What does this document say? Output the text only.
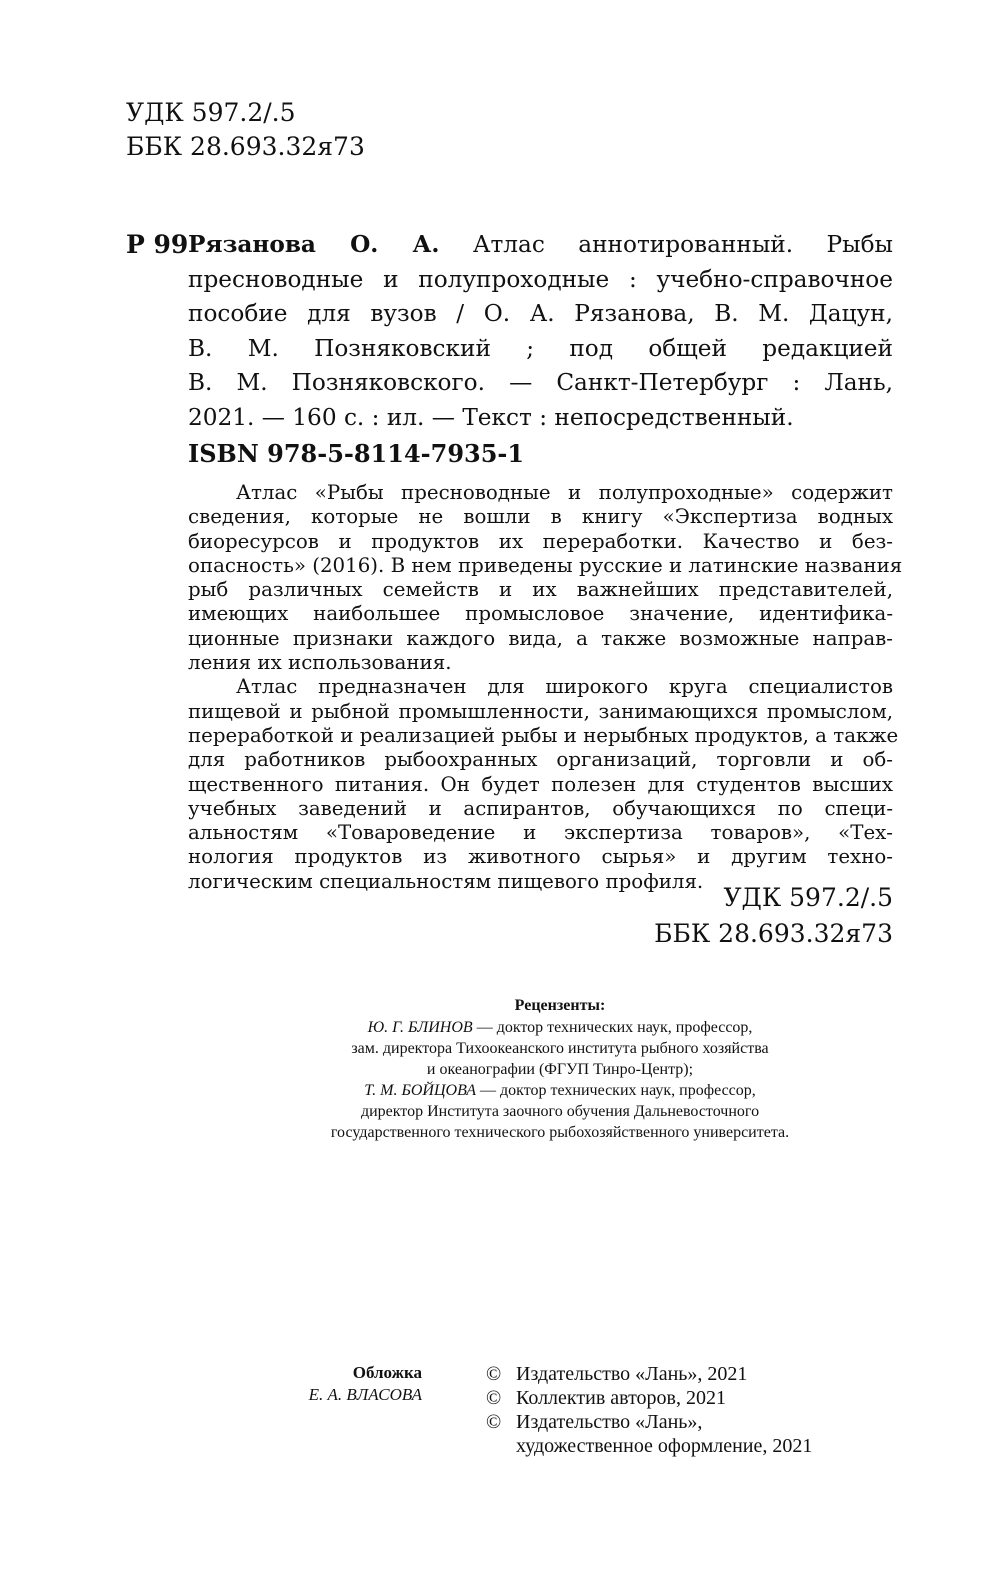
УДК 597.2/.5
ББК 28.693.32я73
Р 99 Рязанова О. А. Атлас аннотированный. Рыбы
пресноводные и полупроходные : учебно-справочное
пособие для вузов / О. А. Рязанова, В. М. Дацун,
В. М. Позняковский ; под общей редакцией
В. М. Позняковского. — Санкт-Петербург : Лань,
2021. — 160 с. : ил. — Текст : непосредственный.
ISBN 978-5-8114-7935-1
Атлас «Рыбы пресноводные и полупроходные» содержит
сведения, которые не вошли в книгу «Экспертиза водных
биоресурсов и продуктов их переработки. Качество и без-
опасность» (2016). В нем приведены русские и латинские названия
рыб различных семейств и их важнейших представителей,
имеющих наибольшее промысловое значение, идентифика-
ционные признаки каждого вида, а также возможные направ-
ления их использования.
Атлас предназначен для широкого круга специалистов
пищевой и рыбной промышленности, занимающихся промыслом,
переработкой и реализацией рыбы и нерыбных продуктов, а также
для работников рыбоохранных организаций, торговли и об-
щественного питания. Он будет полезен для студентов высших
учебных заведений и аспирантов, обучающихся по специ-
альностям «Товароведение и экспертиза товаров», «Тех-
нология продуктов из животного сырья» и другим техно-
логическим специальностям пищевого профиля.
УДК 597.2/.5
ББК 28.693.32я73
Рецензенты:
Ю. Г. БЛИНОВ — доктор технических наук, профессор,
зам. директора Тихоокеанского института рыбного хозяйства
и океанографии (ФГУП Тинро-Центр);
Т. М. БОЙЦОВА — доктор технических наук, профессор,
директор Института заочного обучения Дальневосточного
государственного технического рыбохозяйственного университета.
Обложка
Е. А. ВЛАСОВА
© Издательство «Лань», 2021
© Коллектив авторов, 2021
© Издательство «Лань»,
художественное оформление, 2021
